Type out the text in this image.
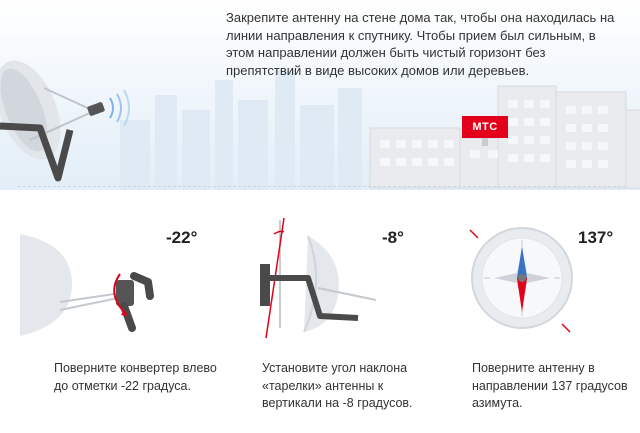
МТС
Закрепите антенну на стене дома так, чтобы она находилась на линии направления к спутнику. Чтобы прием был сильным, в этом направлении должен быть чистый горизонт без препятствий в виде высоких домов или деревьев.
-22°
Поверните конвертер влево до отметки -22 градуса.
-8°
Установите угол наклона «тарелки» антенны к вертикали на -8 градусов.
137°
Поверните антенну в направлении 137 градусов азимута.
